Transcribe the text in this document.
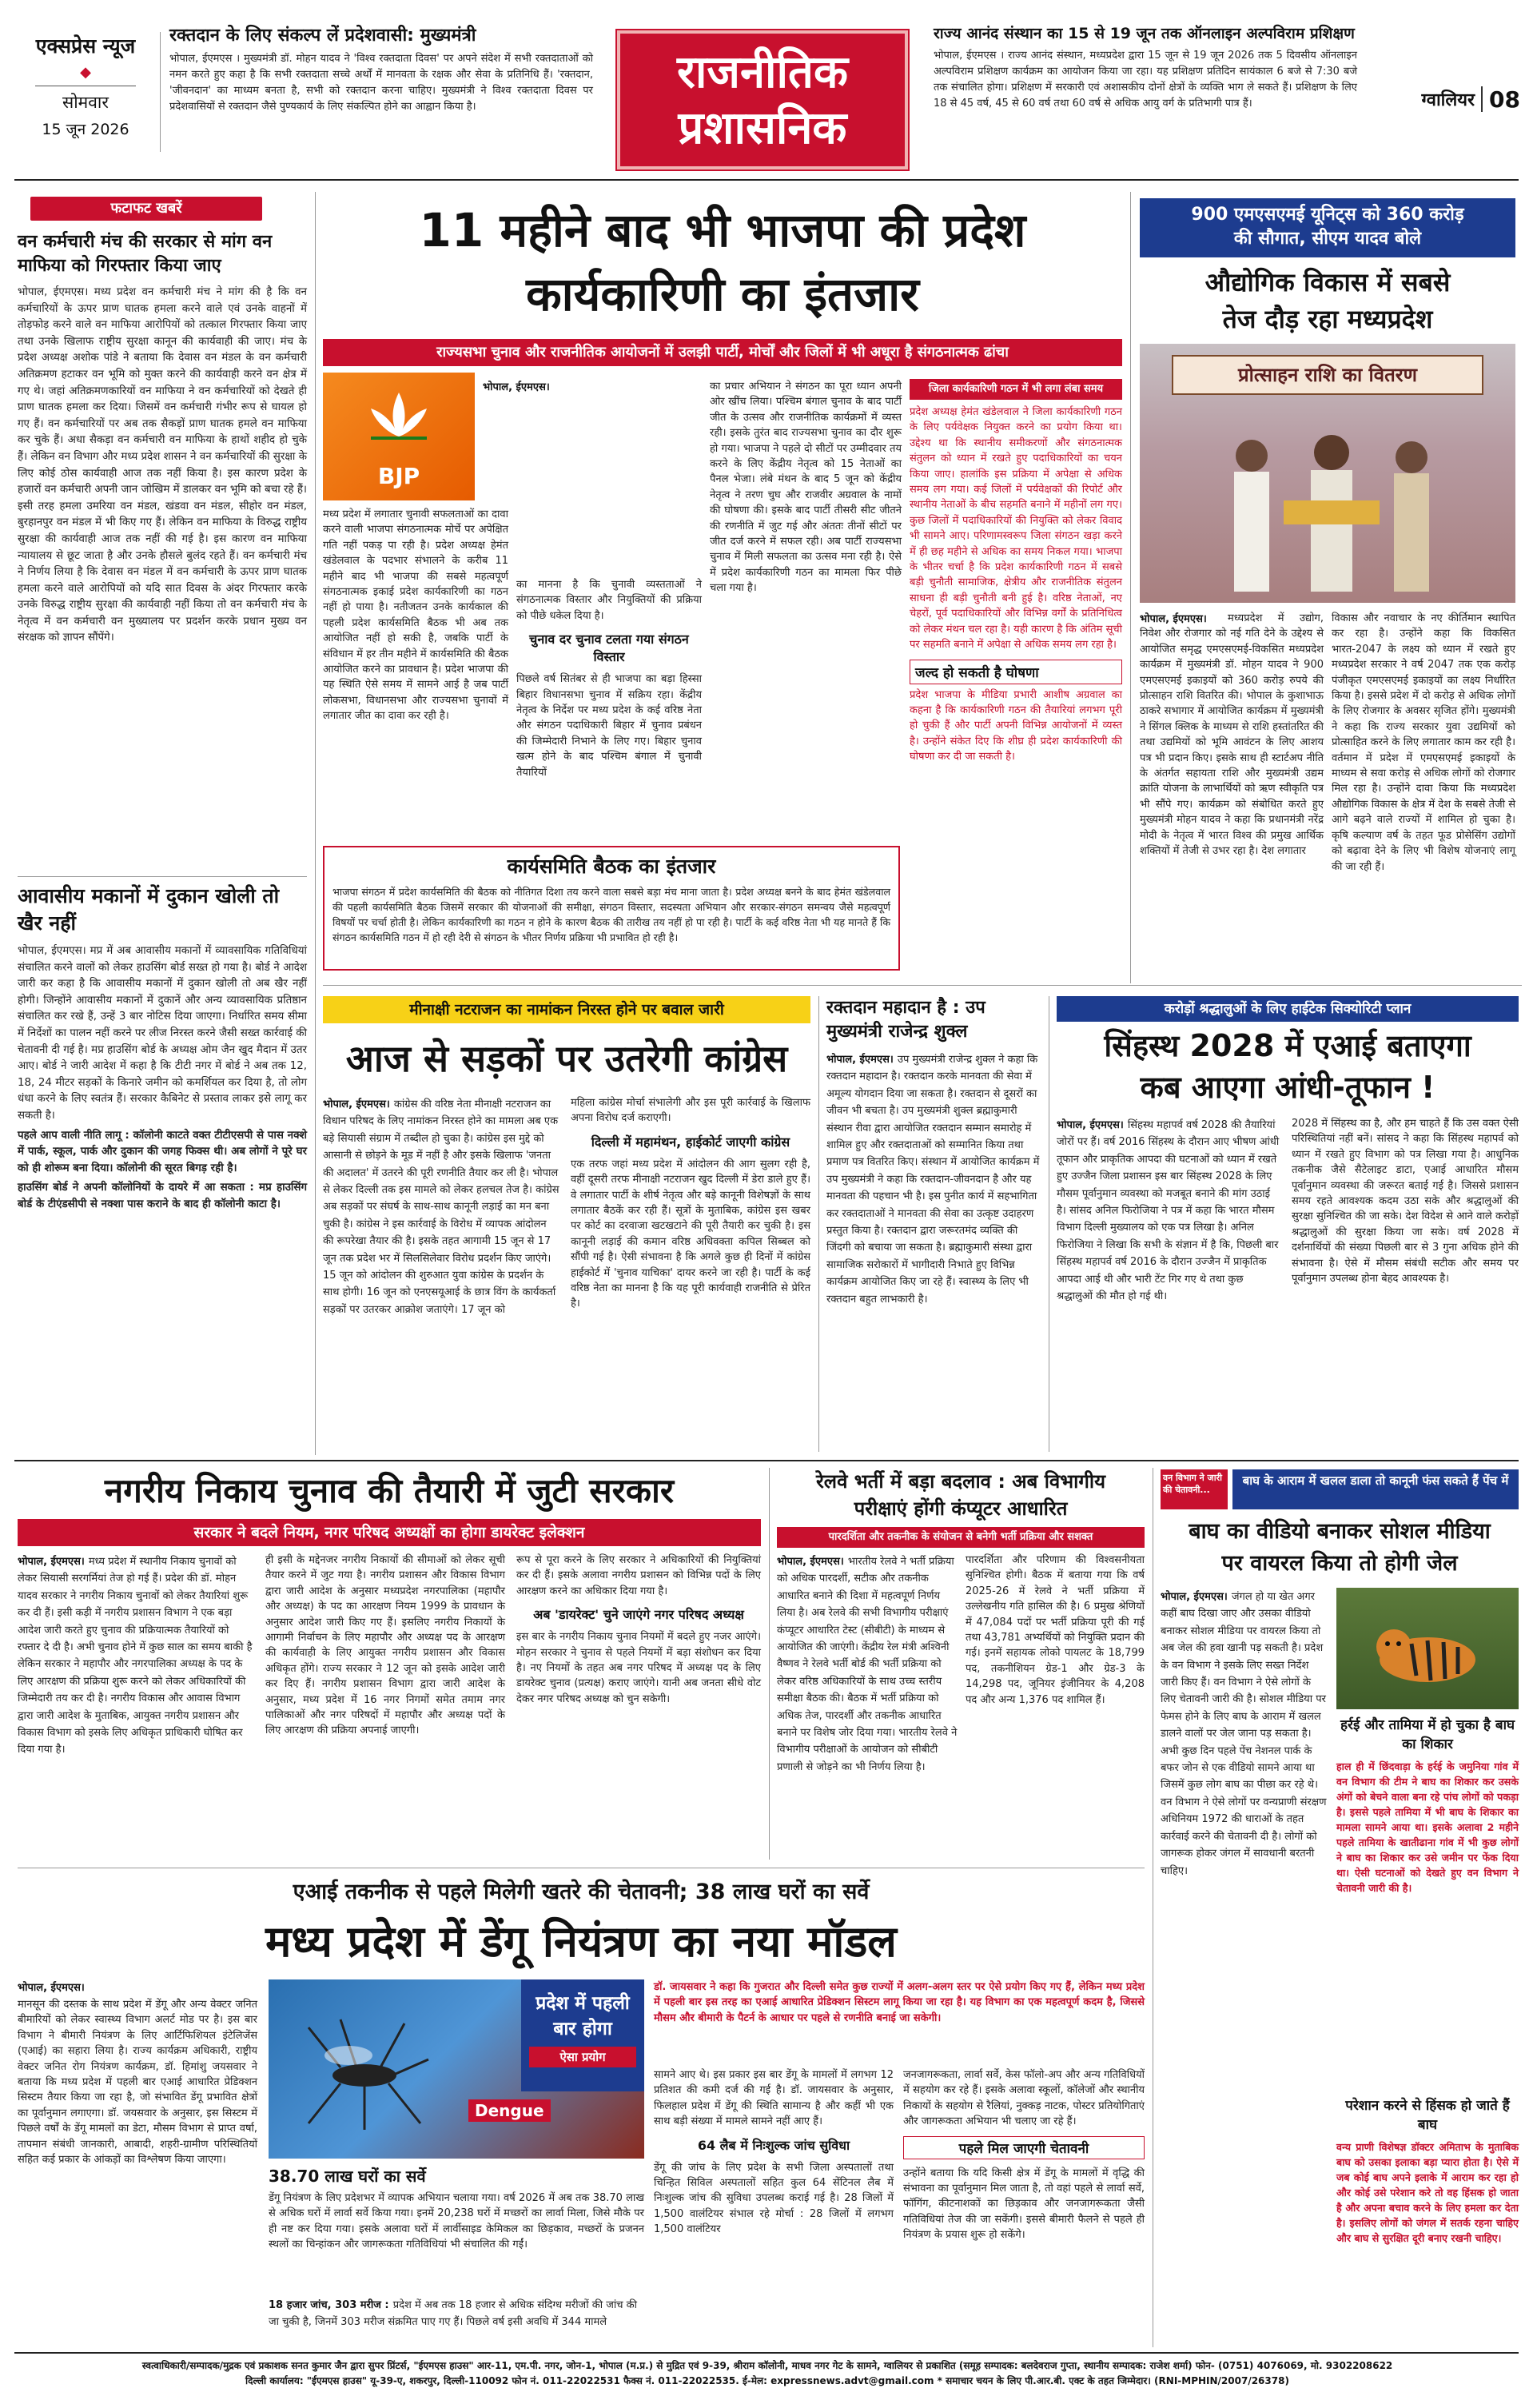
एक्सप्रेस न्यूज
◆
सोमवार
15 जून 2026
रक्तदान के लिए संकल्प लें प्रदेशवासी: मुख्यमंत्री
भोपाल, ईएमएस । मुख्यमंत्री डॉ. मोहन यादव ने 'विश्व रक्तदाता दिवस' पर अपने संदेश में सभी रक्तदाताओं को नमन करते हुए कहा है कि सभी रक्तदाता सच्चे अर्थों में मानवता के रक्षक और सेवा के प्रतिनिधि हैं। 'रक्तदान, 'जीवनदान' का माध्यम बनता है, सभी को रक्तदान करना चाहिए। मुख्यमंत्री ने विश्व रक्तदाता दिवस पर प्रदेशवासियों से रक्तदान जैसे पुण्यकार्य के लिए संकल्पित होने का आह्वान किया है।
राजनीतिक
प्रशासनिक
राज्य आनंद संस्थान का 15 से 19 जून तक ऑनलाइन अल्पविराम प्रशिक्षण
भोपाल, ईएमएस । राज्य आनंद संस्थान, मध्यप्रदेश द्वारा 15 जून से 19 जून 2026 तक 5 दिवसीय ऑनलाइन अल्पविराम प्रशिक्षण कार्यक्रम का आयोजन किया जा रहा। यह प्रशिक्षण प्रतिदिन सायंकाल 6 बजे से 7:30 बजे तक संचालित होगा। प्रशिक्षण में सरकारी एवं अशासकीय दोनों क्षेत्रों के व्यक्ति भाग ले सकते हैं। प्रशिक्षण के लिए 18 से 45 वर्ष, 45 से 60 वर्ष तथा 60 वर्ष से अधिक आयु वर्ग के प्रतिभागी पात्र हैं।	ग्वालियर 08
फटाफट खबरें
वन कर्मचारी मंच की सरकार से मांग वन माफिया को गिरफ्तार किया जाए
भोपाल, ईएमएस। मध्य प्रदेश वन कर्मचारी मंच ने मांग की है कि वन कर्मचारियों के ऊपर प्राण घातक हमला करने वाले एवं उनके वाहनों में तोड़फोड़ करने वाले वन माफिया आरोपियों को तत्काल गिरफ्तार किया जाए तथा उनके खिलाफ राष्ट्रीय सुरक्षा कानून की कार्यवाही की जाए। मंच के प्रदेश अध्यक्ष अशोक पांडे ने बताया कि देवास वन मंडल के वन कर्मचारी अतिक्रमण हटाकर वन भूमि को मुक्त करने की कार्यवाही करने वन क्षेत्र में गए थे। जहां अतिक्रमणकारियों वन माफिया ने वन कर्मचारियों को देखते ही प्राण घातक हमला कर दिया। जिसमें वन कर्मचारी गंभीर रूप से घायल हो गए हैं। वन कर्मचारियों पर अब तक सैकड़ों प्राण घातक हमले वन माफिया कर चुके हैं। अधा सैकड़ा वन कर्मचारी वन माफिया के हाथों शहीद हो चुके हैं। लेकिन वन विभाग और मध्य प्रदेश शासन ने वन कर्मचारियों की सुरक्षा के लिए कोई ठोस कार्यवाही आज तक नहीं किया है। इस कारण प्रदेश के हजारों वन कर्मचारी अपनी जान जोखिम में डालकर वन भूमि को बचा रहे हैं। इसी तरह हमला उमरिया वन मंडल, खंडवा वन मंडल, सीहोर वन मंडल, बुरहानपुर वन मंडल में भी किए गए हैं। लेकिन वन माफिया के विरुद्ध राष्ट्रीय सुरक्षा की कार्यवाही आज तक नहीं की गई है। इस कारण वन माफिया न्यायालय से छूट जाता है और उनके हौसले बुलंद रहते हैं। वन कर्मचारी मंच ने निर्णय लिया है कि देवास वन मंडल में वन कर्मचारी के ऊपर प्राण घातक हमला करने वाले आरोपियों को यदि सात दिवस के अंदर गिरफ्तार करके उनके विरुद्ध राष्ट्रीय सुरक्षा की कार्यवाही नहीं किया तो वन कर्मचारी मंच के नेतृत्व में वन कर्मचारी वन मुख्यालय पर प्रदर्शन करके प्रधान मुख्य वन संरक्षक को ज्ञापन सौंपेंगे।
आवासीय मकानों में दुकान खोली तो खैर नहीं
भोपाल, ईएमएस। मप्र में अब आवासीय मकानों में व्यावसायिक गतिविधियां संचालित करने वालों को लेकर हाउसिंग बोर्ड सख्त हो गया है। बोर्ड ने आदेश जारी कर कहा है कि आवासीय मकानों में दुकान खोली तो अब खैर नहीं होगी। जिन्होंने आवासीय मकानों में दुकानें और अन्य व्यावसायिक प्रतिष्ठान संचालित कर रखे हैं, उन्हें 3 बार नोटिस दिया जाएगा। निर्धारित समय सीमा में निर्देशों का पालन नहीं करने पर लीज निरस्त करने जैसी सख्त कार्रवाई की चेतावनी दी गई है। मप्र हाउसिंग बोर्ड के अध्यक्ष ओम जैन खुद मैदान में उतर आए। बोर्ड ने जारी आदेश में कहा है कि टीटी नगर में बोर्ड ने अब तक 12, 18, 24 मीटर सड़कों के किनारे जमीन को कमर्शियल कर दिया है, तो लोग धंधा करने के लिए स्वतंत्र हैं। सरकार कैबिनेट से प्रस्ताव लाकर इसे लागू कर सकती है।
पहले आप वाली नीति लागू : कॉलोनी काटते वक्त टीटीएसपी से पास नक्शे में पार्क, स्कूल, पार्क और दुकान की जगह फिक्स थी। अब लोगों ने पूरे घर को ही शोरूम बना दिया। कॉलोनी की सूरत बिगड़ रही है।
हाउसिंग बोर्ड ने अपनी कॉलोनियों के दायरे में आ सकता : मप्र हाउसिंग बोर्ड के टीएंडसीपी से नक्शा पास कराने के बाद ही कॉलोनी काटा है।
11 महीने बाद भी भाजपा की प्रदेश
कार्यकारिणी का इंतजार
राज्यसभा चुनाव और राजनीतिक आयोजनों में उलझी पार्टी, मोर्चों और जिलों में भी अधूरा है संगठनात्मक ढांचा
BJP
भोपाल, ईएमएस।
मध्य प्रदेश में लगातार चुनावी सफलताओं का दावा करने वाली भाजपा संगठनात्मक मोर्चे पर अपेक्षित गति नहीं पकड़ पा रही है। प्रदेश अध्यक्ष हेमंत खंडेलवाल के पदभार संभालने के करीब 11 महीने बाद भी भाजपा की सबसे महत्वपूर्ण संगठनात्मक इकाई प्रदेश कार्यकारिणी का गठन नहीं हो पाया है। नतीजतन उनके कार्यकाल की पहली प्रदेश कार्यसमिति बैठक भी अब तक आयोजित नहीं हो सकी है, जबकि पार्टी के संविधान में हर तीन महीने में कार्यसमिति की बैठक आयोजित करने का प्रावधान है। प्रदेश भाजपा की यह स्थिति ऐसे समय में सामने आई है जब पार्टी लोकसभा, विधानसभा और राज्यसभा चुनावों में लगातार जीत का दावा कर रही है।
का मानना है कि चुनावी व्यस्तताओं ने संगठनात्मक विस्तार और नियुक्तियों की प्रक्रिया को पीछे धकेल दिया है।
चुनाव दर चुनाव टलता गया संगठन विस्तार
पिछले वर्ष सितंबर से ही भाजपा का बड़ा हिस्सा बिहार विधानसभा चुनाव में सक्रिय रहा। केंद्रीय नेतृत्व के निर्देश पर मध्य प्रदेश के कई वरिष्ठ नेता और संगठन पदाधिकारी बिहार में चुनाव प्रबंधन की जिम्मेदारी निभाने के लिए गए। बिहार चुनाव खत्म होने के बाद पश्चिम बंगाल में चुनावी तैयारियों
का प्रचार अभियान ने संगठन का पूरा ध्यान अपनी ओर खींच लिया। पश्चिम बंगाल चुनाव के बाद पार्टी जीत के उत्सव और राजनीतिक कार्यक्रमों में व्यस्त रही। इसके तुरंत बाद राज्यसभा चुनाव का दौर शुरू हो गया। भाजपा ने पहले दो सीटों पर उम्मीदवार तय करने के लिए केंद्रीय नेतृत्व को 15 नेताओं का पैनल भेजा। लंबे मंथन के बाद 5 जून को केंद्रीय नेतृत्व ने तरण चुघ और राजवीर अग्रवाल के नामों की घोषणा की। इसके बाद पार्टी तीसरी सीट जीतने की रणनीति में जुट गई और अंततः तीनों सीटों पर जीत दर्ज करने में सफल रही। अब पार्टी राज्यसभा चुनाव में मिली सफलता का उत्सव मना रही है। ऐसे में प्रदेश कार्यकारिणी गठन का मामला फिर पीछे चला गया है।
जिला कार्यकारिणी गठन में भी लगा लंबा समय
प्रदेश अध्यक्ष हेमंत खंडेलवाल ने जिला कार्यकारिणी गठन के लिए पर्यवेक्षक नियुक्त करने का प्रयोग किया था। उद्देश्य था कि स्थानीय समीकरणों और संगठनात्मक संतुलन को ध्यान में रखते हुए पदाधिकारियों का चयन किया जाए। हालांकि इस प्रक्रिया में अपेक्षा से अधिक समय लग गया। कई जिलों में पर्यवेक्षकों की रिपोर्ट और स्थानीय नेताओं के बीच सहमति बनाने में महीनों लग गए। कुछ जिलों में पदाधिकारियों की नियुक्ति को लेकर विवाद भी सामने आए। परिणामस्वरूप जिला संगठन खड़ा करने में ही छह महीने से अधिक का समय निकल गया। भाजपा के भीतर चर्चा है कि प्रदेश कार्यकारिणी गठन में सबसे बड़ी चुनौती सामाजिक, क्षेत्रीय और राजनीतिक संतुलन साधना ही बड़ी चुनौती बनी हुई है। वरिष्ठ नेताओं, नए चेहरों, पूर्व पदाधिकारियों और विभिन्न वर्गों के प्रतिनिधित्व को लेकर मंथन चल रहा है। यही कारण है कि अंतिम सूची पर सहमति बनाने में अपेक्षा से अधिक समय लग रहा है।
जल्द हो सकती है घोषणा
प्रदेश भाजपा के मीडिया प्रभारी आशीष अग्रवाल का कहना है कि कार्यकारिणी गठन की तैयारियां लगभग पूरी हो चुकी हैं और पार्टी अपनी विभिन्न आयोजनों में व्यस्त है। उन्होंने संकेत दिए कि शीघ्र ही प्रदेश कार्यकारिणी की घोषणा कर दी जा सकती है।
कार्यसमिति बैठक का इंतजार
भाजपा संगठन में प्रदेश कार्यसमिति की बैठक को नीतिगत दिशा तय करने वाला सबसे बड़ा मंच माना जाता है। प्रदेश अध्यक्ष बनने के बाद हेमंत खंडेलवाल की पहली कार्यसमिति बैठक जिसमें सरकार की योजनाओं की समीक्षा, संगठन विस्तार, सदस्यता अभियान और सरकार-संगठन समन्वय जैसे महत्वपूर्ण विषयों पर चर्चा होती है। लेकिन कार्यकारिणी का गठन न होने के कारण बैठक की तारीख तय नहीं हो पा रही है। पार्टी के कई वरिष्ठ नेता भी यह मानते हैं कि संगठन कार्यसमिति गठन में हो रही देरी से संगठन के भीतर निर्णय प्रक्रिया भी प्रभावित हो रही है।
900 एमएसएमई यूनिट्स को 360 करोड़
की सौगात, सीएम यादव बोले
औद्योगिक विकास में सबसे
तेज दौड़ रहा मध्यप्रदेश
प्रोत्साहन राशि का वितरण
भोपाल, ईएमएस।	मध्यप्रदेश में उद्योग, निवेश और रोजगार को नई गति देने के उद्देश्य से आयोजित समृद्ध एमएसएमई-विकसित मध्यप्रदेश कार्यक्रम में मुख्यमंत्री डॉ. मोहन यादव ने 900 एमएसएमई इकाइयों को 360 करोड़ रुपये की प्रोत्साहन राशि वितरित की। भोपाल के कुशाभाऊ ठाकरे सभागार में आयोजित कार्यक्रम में मुख्यमंत्री ने सिंगल क्लिक के माध्यम से राशि हस्तांतरित की तथा उद्यमियों को भूमि आवंटन के लिए आशय पत्र भी प्रदान किए। इसके साथ ही स्टार्टअप नीति के अंतर्गत सहायता राशि और मुख्यमंत्री उद्यम क्रांति योजना के लाभार्थियों को ऋण स्वीकृति पत्र भी सौंपे गए। कार्यक्रम को संबोधित करते हुए मुख्यमंत्री मोहन यादव ने कहा कि प्रधानमंत्री नरेंद्र मोदी के नेतृत्व में भारत विश्व की प्रमुख आर्थिक शक्तियों में तेजी से उभर रहा है। देश लगातार
विकास और नवाचार के नए कीर्तिमान स्थापित कर रहा है। उन्होंने कहा कि विकसित भारत-2047 के लक्ष्य को ध्यान में रखते हुए मध्यप्रदेश सरकार ने वर्ष 2047 तक एक करोड़ पंजीकृत एमएसएमई इकाइयों का लक्ष्य निर्धारित किया है। इससे प्रदेश में दो करोड़ से अधिक लोगों के लिए रोजगार के अवसर सृजित होंगे। मुख्यमंत्री ने कहा कि राज्य सरकार युवा उद्यमियों को प्रोत्साहित करने के लिए लगातार काम कर रही है। वर्तमान में प्रदेश में एमएसएमई इकाइयों के माध्यम से सवा करोड़ से अधिक लोगों को रोजगार मिल रहा है। उन्होंने दावा किया कि मध्यप्रदेश औद्योगिक विकास के क्षेत्र में देश के सबसे तेजी से आगे बढ़ने वाले राज्यों में शामिल हो चुका है। कृषि कल्याण वर्ष के तहत फूड प्रोसेसिंग उद्योगों को बढ़ावा देने के लिए भी विशेष योजनाएं लागू की जा रही हैं।
मीनाक्षी नटराजन का नामांकन निरस्त होने पर बवाल जारी
आज से सड़कों पर उतरेगी कांग्रेस
भोपाल, ईएमएस। कांग्रेस की वरिष्ठ नेता मीनाक्षी नटराजन का विधान परिषद के लिए नामांकन निरस्त होने का मामला अब एक बड़े सियासी संग्राम में तब्दील हो चुका है। कांग्रेस इस मुद्दे को आसानी से छोड़ने के मूड में नहीं है और इसके खिलाफ 'जनता की अदालत' में उतरने की पूरी रणनीति तैयार कर ली है। भोपाल से लेकर दिल्ली तक इस मामले को लेकर हलचल तेज है। कांग्रेस अब सड़कों पर संघर्ष के साथ-साथ कानूनी लड़ाई का मन बना चुकी है। कांग्रेस ने इस कार्रवाई के विरोध में व्यापक आंदोलन की रूपरेखा तैयार की है। इसके तहत आगामी 15 जून से 17 जून तक प्रदेश भर में सिलसिलेवार विरोध प्रदर्शन किए जाएंगे। 15 जून को आंदोलन की शुरुआत युवा कांग्रेस के प्रदर्शन के साथ होगी। 16 जून को एनएसयूआई के छात्र विंग के कार्यकर्ता सड़कों पर उतरकर आक्रोश जताएंगे। 17 जून को
महिला कांग्रेस मोर्चा संभालेगी और इस पूरी कार्रवाई के खिलाफ अपना विरोध दर्ज कराएगी।
दिल्ली में महामंथन, हाईकोर्ट जाएगी कांग्रेस
एक तरफ जहां मध्य प्रदेश में आंदोलन की आग सुलग रही है, वहीं दूसरी तरफ मीनाक्षी नटराजन खुद दिल्ली में डेरा डाले हुए हैं। वे लगातार पार्टी के शीर्ष नेतृत्व और बड़े कानूनी विशेषज्ञों के साथ लगातार बैठकें कर रही हैं। सूत्रों के मुताबिक, कांग्रेस इस खबर पर कोर्ट का दरवाजा खटखटाने की पूरी तैयारी कर चुकी है। इस कानूनी लड़ाई की कमान वरिष्ठ अधिवक्ता कपिल सिब्बल को सौंपी गई है। ऐसी संभावना है कि अगले कुछ ही दिनों में कांग्रेस हाईकोर्ट में 'चुनाव याचिका' दायर करने जा रही है। पार्टी के कई वरिष्ठ नेता का मानना है कि यह पूरी कार्यवाही राजनीति से प्रेरित है।
रक्तदान महादान है : उप मुख्यमंत्री राजेन्द्र शुक्ल
भोपाल, ईएमएस। उप मुख्यमंत्री राजेन्द्र शुक्ल ने कहा कि रक्तदान महादान है। रक्तदान करके मानवता की सेवा में अमूल्य योगदान दिया जा सकता है। रक्तदान से दूसरों का जीवन भी बचता है। उप मुख्यमंत्री शुक्ल ब्रह्माकुमारी संस्थान रीवा द्वारा आयोजित रक्तदान सम्मान समारोह में शामिल हुए और रक्तदाताओं को सम्मानित किया तथा प्रमाण पत्र वितरित किए। संस्थान में आयोजित कार्यक्रम में उप मुख्यमंत्री ने कहा कि रक्तदान-जीवनदान है और यह मानवता की पहचान भी है। इस पुनीत कार्य में सहभागिता कर रक्तदाताओं ने मानवता की सेवा का उत्कृष्ट उदाहरण प्रस्तुत किया है। रक्तदान द्वारा जरूरतमंद व्यक्ति की जिंदगी को बचाया जा सकता है। ब्रह्माकुमारी संस्था द्वारा सामाजिक सरोकारों में भागीदारी निभाते हुए विभिन्न कार्यक्रम आयोजित किए जा रहे हैं। स्वास्थ्य के लिए भी रक्तदान बहुत लाभकारी है।
करोड़ों श्रद्धालुओं के लिए हाईटेक सिक्योरिटी प्लान
सिंहस्थ 2028 में एआई बताएगा
कब आएगा आंधी-तूफान !
भोपाल, ईएमएस। सिंहस्थ महापर्व वर्ष 2028 की तैयारियां जोरों पर हैं। वर्ष 2016 सिंहस्थ के दौरान आए भीषण आंधी तूफान और प्राकृतिक आपदा की घटनाओं को ध्यान में रखते हुए उज्जैन जिला प्रशासन इस बार सिंहस्थ 2028 के लिए मौसम पूर्वानुमान व्यवस्था को मजबूत बनाने की मांग उठाई है। सांसद अनिल फिरोजिया ने पत्र में कहा कि भारत मौसम विभाग दिल्ली मुख्यालय को एक पत्र लिखा है। अनिल फिरोजिया ने लिखा कि सभी के संज्ञान में है कि, पिछली बार सिंहस्थ महापर्व वर्ष 2016 के दौरान उज्जैन में प्राकृतिक आपदा आई थी और भारी टेंट गिर गए थे तथा कुछ श्रद्धालुओं की मौत हो गई थी।
2028 में सिंहस्थ का है, और हम चाहते हैं कि उस वक्त ऐसी परिस्थितियां नहीं बनें। सांसद ने कहा कि सिंहस्थ महापर्व को ध्यान में रखते हुए विभाग को पत्र लिखा गया है। आधुनिक तकनीक जैसे सैटेलाइट डाटा, एआई आधारित मौसम पूर्वानुमान व्यवस्था की जरूरत बताई गई है। जिससे प्रशासन समय रहते आवश्यक कदम उठा सके और श्रद्धालुओं की सुरक्षा सुनिश्चित की जा सके। देश विदेश से आने वाले करोड़ों श्रद्धालुओं की सुरक्षा किया जा सके। वर्ष 2028 में दर्शनार्थियों की संख्या पिछली बार से 3 गुना अधिक होने की संभावना है। ऐसे में मौसम संबंधी सटीक और समय पर पूर्वानुमान उपलब्ध होना बेहद आवश्यक है।
नगरीय निकाय चुनाव की तैयारी में जुटी सरकार
सरकार ने बदले नियम, नगर परिषद अध्यक्षों का होगा डायरेक्ट इलेक्शन
भोपाल, ईएमएस। मध्य प्रदेश में स्थानीय निकाय चुनावों को लेकर सियासी सरगर्मियां तेज हो गई हैं। प्रदेश की डॉ. मोहन यादव सरकार ने नगरीय निकाय चुनावों को लेकर तैयारियां शुरू कर दी हैं। इसी कड़ी में नगरीय प्रशासन विभाग ने एक बड़ा आदेश जारी करते हुए चुनाव की प्रक्रियात्मक तैयारियों को रफ्तार दे दी है। अभी चुनाव होने में कुछ साल का समय बाकी है लेकिन सरकार ने महापौर और नगरपालिका अध्यक्ष के पद के लिए आरक्षण की प्रक्रिया शुरू करने को लेकर अधिकारियों की जिम्मेदारी तय कर दी है। नगरीय विकास और आवास विभाग द्वारा जारी आदेश के मुताबिक, आयुक्त नगरीय प्रशासन और विकास विभाग को इसके लिए अधिकृत प्राधिकारी घोषित कर दिया गया है।
ही इसी के मद्देनजर नगरीय निकायों की सीमाओं को लेकर सूची तैयार करने में जुट गया है। नगरीय प्रशासन और विकास विभाग द्वारा जारी आदेश के अनुसार मध्यप्रदेश नगरपालिका (महापौर और अध्यक्ष) के पद का आरक्षण नियम 1999 के प्रावधान के अनुसार आदेश जारी किए गए हैं। इसलिए नगरीय निकायों के आगामी निर्वाचन के लिए महापौर और अध्यक्ष पद के आरक्षण की कार्यवाही के लिए आयुक्त नगरीय प्रशासन और विकास अधिकृत होंगे। राज्य सरकार ने 12 जून को इसके आदेश जारी कर दिए हैं। नगरीय प्रशासन विभाग द्वारा जारी आदेश के अनुसार, मध्य प्रदेश में 16 नगर निगमों समेत तमाम नगर पालिकाओं और नगर परिषदों में महापौर और अध्यक्ष पदों के लिए आरक्षण की प्रक्रिया अपनाई जाएगी।
रूप से पूरा करने के लिए सरकार ने अधिकारियों की नियुक्तियां कर दी हैं। इसके अलावा नगरीय प्रशासन को विभिन्न पदों के लिए आरक्षण करने का अधिकार दिया गया है।
अब 'डायरेक्ट' चुने जाएंगे नगर परिषद अध्यक्ष
इस बार के नगरीय निकाय चुनाव नियमों में बदले हुए नजर आएंगे। मोहन सरकार ने चुनाव से पहले नियमों में बड़ा संशोधन कर दिया है। नए नियमों के तहत अब नगर परिषद में अध्यक्ष पद के लिए डायरेक्ट चुनाव (प्रत्यक्ष) कराए जाएंगे। यानी अब जनता सीधे वोट देकर नगर परिषद अध्यक्ष को चुन सकेगी।
रेलवे भर्ती में बड़ा बदलाव : अब विभागीय
परीक्षाएं होंगी कंप्यूटर आधारित
पारदर्शिता और तकनीक के संयोजन से बनेगी भर्ती प्रक्रिया और सशक्त
भोपाल, ईएमएस। भारतीय रेलवे ने भर्ती प्रक्रिया को अधिक पारदर्शी, सटीक और तकनीक आधारित बनाने की दिशा में महत्वपूर्ण निर्णय लिया है। अब रेलवे की सभी विभागीय परीक्षाएं कंप्यूटर आधारित टेस्ट (सीबीटी) के माध्यम से आयोजित की जाएंगी। केंद्रीय रेल मंत्री अश्विनी वैष्णव ने रेलवे भर्ती बोर्ड की भर्ती प्रक्रिया को लेकर वरिष्ठ अधिकारियों के साथ उच्च स्तरीय समीक्षा बैठक की। बैठक में भर्ती प्रक्रिया को अधिक तेज, पारदर्शी और तकनीक आधारित बनाने पर विशेष जोर दिया गया। भारतीय रेलवे ने विभागीय परीक्षाओं के आयोजन को सीबीटी प्रणाली से जोड़ने का भी निर्णय लिया है।
पारदर्शिता और परिणाम की विश्वसनीयता सुनिश्चित होगी। बैठक में बताया गया कि वर्ष 2025-26 में रेलवे ने भर्ती प्रक्रिया में उल्लेखनीय गति हासिल की है। 6 प्रमुख श्रेणियों में 47,084 पदों पर भर्ती प्रक्रिया पूरी की गई तथा 43,781 अभ्यर्थियों को नियुक्ति प्रदान की गई। इनमें सहायक लोको पायलट के 18,799 पद, तकनीशियन ग्रेड-1 और ग्रेड-3 के 14,298 पद, जूनियर इंजीनियर के 4,208 पद और अन्य 1,376 पद शामिल हैं।
वन विभाग ने जारी की चेतावनी...
बाघ के आराम में खलल डाला तो कानूनी फंस सकते हैं पेंच में
बाघ का वीडियो बनाकर सोशल मीडिया
पर वायरल किया तो होगी जेल
भोपाल, ईएमएस। जंगल हो या खेत अगर कहीं बाघ दिखा जाए और उसका वीडियो बनाकर सोशल मीडिया पर वायरल किया तो अब जेल की हवा खानी पड़ सकती है। प्रदेश के वन विभाग ने इसके लिए सख्त निर्देश जारी किए हैं। वन विभाग ने ऐसे लोगों के लिए चेतावनी जारी की है। सोशल मीडिया पर फेमस होने के लिए बाघ के आराम में खलल डालने वालों पर जेल जाना पड़ सकता है। अभी कुछ दिन पहले पेंच नेशनल पार्क के बफर जोन से एक वीडियो सामने आया था जिसमें कुछ लोग बाघ का पीछा कर रहे थे। वन विभाग ने ऐसे लोगों पर वन्यप्राणी संरक्षण अधिनियम 1972 की धाराओं के तहत कार्रवाई करने की चेतावनी दी है। लोगों को जागरूक होकर जंगल में सावधानी बरतनी चाहिए।
हर्रई और तामिया में हो चुका है बाघ का शिकार
हाल ही में छिंदवाड़ा के हर्रई के जमुनिया गांव में वन विभाग की टीम ने बाघ का शिकार कर उसके अंगों को बेचने वाला बना रहे पांच लोगों को पकड़ा है। इससे पहले तामिया में भी बाघ के शिकार का मामला सामने आया था। इसके अलावा 2 महीने पहले तामिया के खातीढाना गांव में भी कुछ लोगों ने बाघ का शिकार कर उसे जमीन पर फेंक दिया था। ऐसी घटनाओं को देखते हुए वन विभाग ने चेतावनी जारी की है।
परेशान करने से हिंसक हो जाते हैं बाघ
वन्य प्राणी विशेषज्ञ डॉक्टर अमिताभ के मुताबिक बाघ को उसका इलाका बड़ा प्यारा होता है। ऐसे में जब कोई बाघ अपने इलाके में आराम कर रहा हो और कोई उसे परेशान करे तो वह हिंसक हो जाता है और अपना बचाव करने के लिए हमला कर देता है। इसलिए लोगों को जंगल में सतर्क रहना चाहिए और बाघ से सुरक्षित दूरी बनाए रखनी चाहिए।
एआई तकनीक से पहले मिलेगी खतरे की चेतावनी; 38 लाख घरों का सर्वे
मध्य प्रदेश में डेंगू नियंत्रण का नया मॉडल
भोपाल, ईएमएस।
मानसून की दस्तक के साथ प्रदेश में डेंगू और अन्य वेक्टर जनित बीमारियों को लेकर स्वास्थ्य विभाग अलर्ट मोड पर है। इस बार विभाग ने बीमारी नियंत्रण के लिए आर्टिफिशियल इंटेलिजेंस (एआई) का सहारा लिया है। राज्य कार्यक्रम अधिकारी, राष्ट्रीय वेक्टर जनित रोग नियंत्रण कार्यक्रम, डॉ. हिमांशु जयसवार ने बताया कि मध्य प्रदेश में पहली बार एआई आधारित प्रेडिक्शन सिस्टम तैयार किया जा रहा है, जो संभावित डेंगू प्रभावित क्षेत्रों का पूर्वानुमान लगाएगा। डॉ. जयसवार के अनुसार, इस सिस्टम में पिछले वर्षों के डेंगू मामलों का डेटा, मौसम विभाग से प्राप्त वर्षा, तापमान संबंधी जानकारी, आबादी, शहरी-ग्रामीण परिस्थितियों सहित कई प्रकार के आंकड़ों का विश्लेषण किया जाएगा।
Dengue
प्रदेश में पहली
बार होगा
ऐसा प्रयोग
38.70 लाख घरों का सर्वे
डेंगू नियंत्रण के लिए प्रदेशभर में व्यापक अभियान चलाया गया। वर्ष 2026 में अब तक 38.70 लाख से अधिक घरों में लार्वा सर्वे किया गया। इनमें 20,238 घरों में मच्छरों का लार्वा मिला, जिसे मौके पर ही नष्ट कर दिया गया। इसके अलावा घरों में लार्वीसाइड केमिकल का छिड़काव, मच्छरों के प्रजनन स्थलों का चिन्हांकन और जागरूकता गतिविधियां भी संचालित की गईं।
18 हजार जांच, 303 मरीज : प्रदेश में अब तक 18 हजार से अधिक संदिग्ध मरीजों की जांच की जा चुकी है, जिनमें 303 मरीज संक्रमित पाए गए हैं। पिछले वर्ष इसी अवधि में 344 मामले
डॉ. जायसवार ने कहा कि गुजरात और दिल्ली समेत कुछ राज्यों में अलग-अलग स्तर पर ऐसे प्रयोग किए गए हैं, लेकिन मध्य प्रदेश में पहली बार इस तरह का एआई आधारित प्रेडिक्शन सिस्टम लागू किया जा रहा है। यह विभाग का एक महत्वपूर्ण कदम है, जिससे मौसम और बीमारी के पैटर्न के आधार पर पहले से रणनीति बनाई जा सकेगी।
सामने आए थे। इस प्रकार इस बार डेंगू के मामलों में लगभग 12 प्रतिशत की कमी दर्ज की गई है। डॉ. जायसवार के अनुसार, फिलहाल प्रदेश में डेंगू की स्थिति सामान्य है और कहीं भी एक साथ बड़ी संख्या में मामले सामने नहीं आए हैं।
64 लैब में निःशुल्क जांच सुविधा
डेंगू की जांच के लिए प्रदेश के सभी जिला अस्पतालों तथा चिन्हित सिविल अस्पतालों सहित कुल 64 सेंटिनल लैब में निःशुल्क जांच की सुविधा उपलब्ध कराई गई है। 28 जिलों में 1,500 वालंटियर संभाल रहे मोर्चा : 28 जिलों में लगभग 1,500 वालंटियर
जनजागरूकता, लार्वा सर्वे, केस फॉलो-अप और अन्य गतिविधियों में सहयोग कर रहे हैं। इसके अलावा स्कूलों, कॉलेजों और स्थानीय निकायों के सहयोग से रैलियां, नुक्कड़ नाटक, पोस्टर प्रतियोगिताएं और जागरूकता अभियान भी चलाए जा रहे हैं।
पहले मिल जाएगी चेतावनी
उन्होंने बताया कि यदि किसी क्षेत्र में डेंगू के मामलों में वृद्धि की संभावना का पूर्वानुमान मिल जाता है, तो वहां पहले से लार्वा सर्वे, फॉगिंग, कीटनाशकों का छिड़काव और जनजागरूकता जैसी गतिविधियां तेज की जा सकेंगी। इससे बीमारी फैलने से पहले ही नियंत्रण के प्रयास शुरू हो सकेंगे।
स्वत्वाधिकारी/सम्पादक/मुद्रक एवं प्रकाशक सनत कुमार जैन द्वारा सुपर प्रिंटर्स, "ईएमएस हाउस" आर-11, एम.पी. नगर, जोन-1, भोपाल (म.प्र.) से मुद्रित एवं 9-39, श्रीराम कॉलोनी, माधव नगर गेट के सामने, ग्वालियर से प्रकाशित (समूह सम्पादक: बलदेवराज गुप्ता, स्थानीय सम्पादक: राजेश शर्मा) फोन- (0751) 4076069, मो. 9302208622
दिल्ली कार्यालय: "ईएमएस हाउस" यू-39-ए, शकरपुर, दिल्ली-110092 फोन नं. 011-22022531 फैक्स नं. 011-22022535. ई-मेल: expressnews.advt@gmail.com * समाचार चयन के लिए पी.आर.बी. एक्ट के तहत जिम्मेदार। (RNI-MPHIN/2007/26378)
